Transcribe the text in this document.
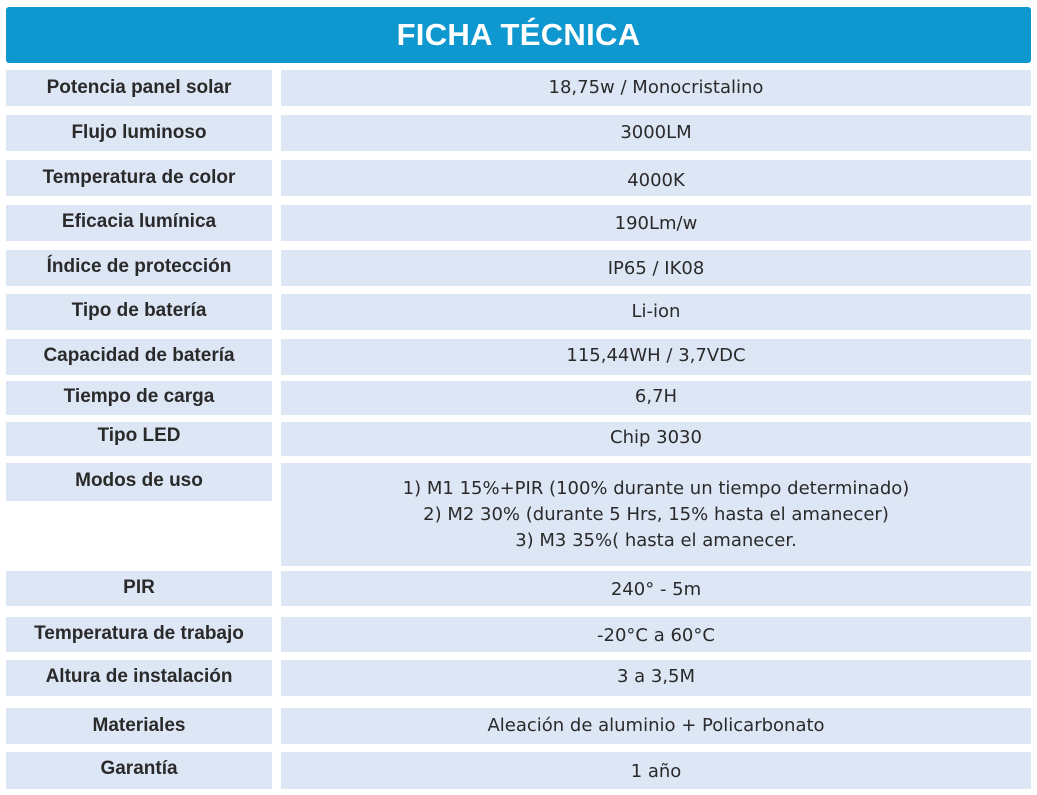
FICHA TÉCNICA
Potencia panel solar	18,75w / Monocristalino
Flujo luminoso	3000LM
Temperatura de color	4000K
Eficacia lumínica	190Lm/w
Índice de protección	IP65 / IK08
Tipo de batería	Li-ion
Capacidad de batería	115,44WH / 3,7VDC
Tiempo de carga	6,7H
Tipo LED	Chip 3030
Modos de uso	1) M1 15%+PIR (100% durante un tiempo determinado)
2) M2 30% (durante 5 Hrs, 15% hasta el amanecer)
3) M3 35%( hasta el amanecer.
PIR	240° - 5m
Temperatura de trabajo	-20°C a 60°C
Altura de instalación	3 a 3,5M
Materiales	Aleación de aluminio + Policarbonato
Garantía	1 año
